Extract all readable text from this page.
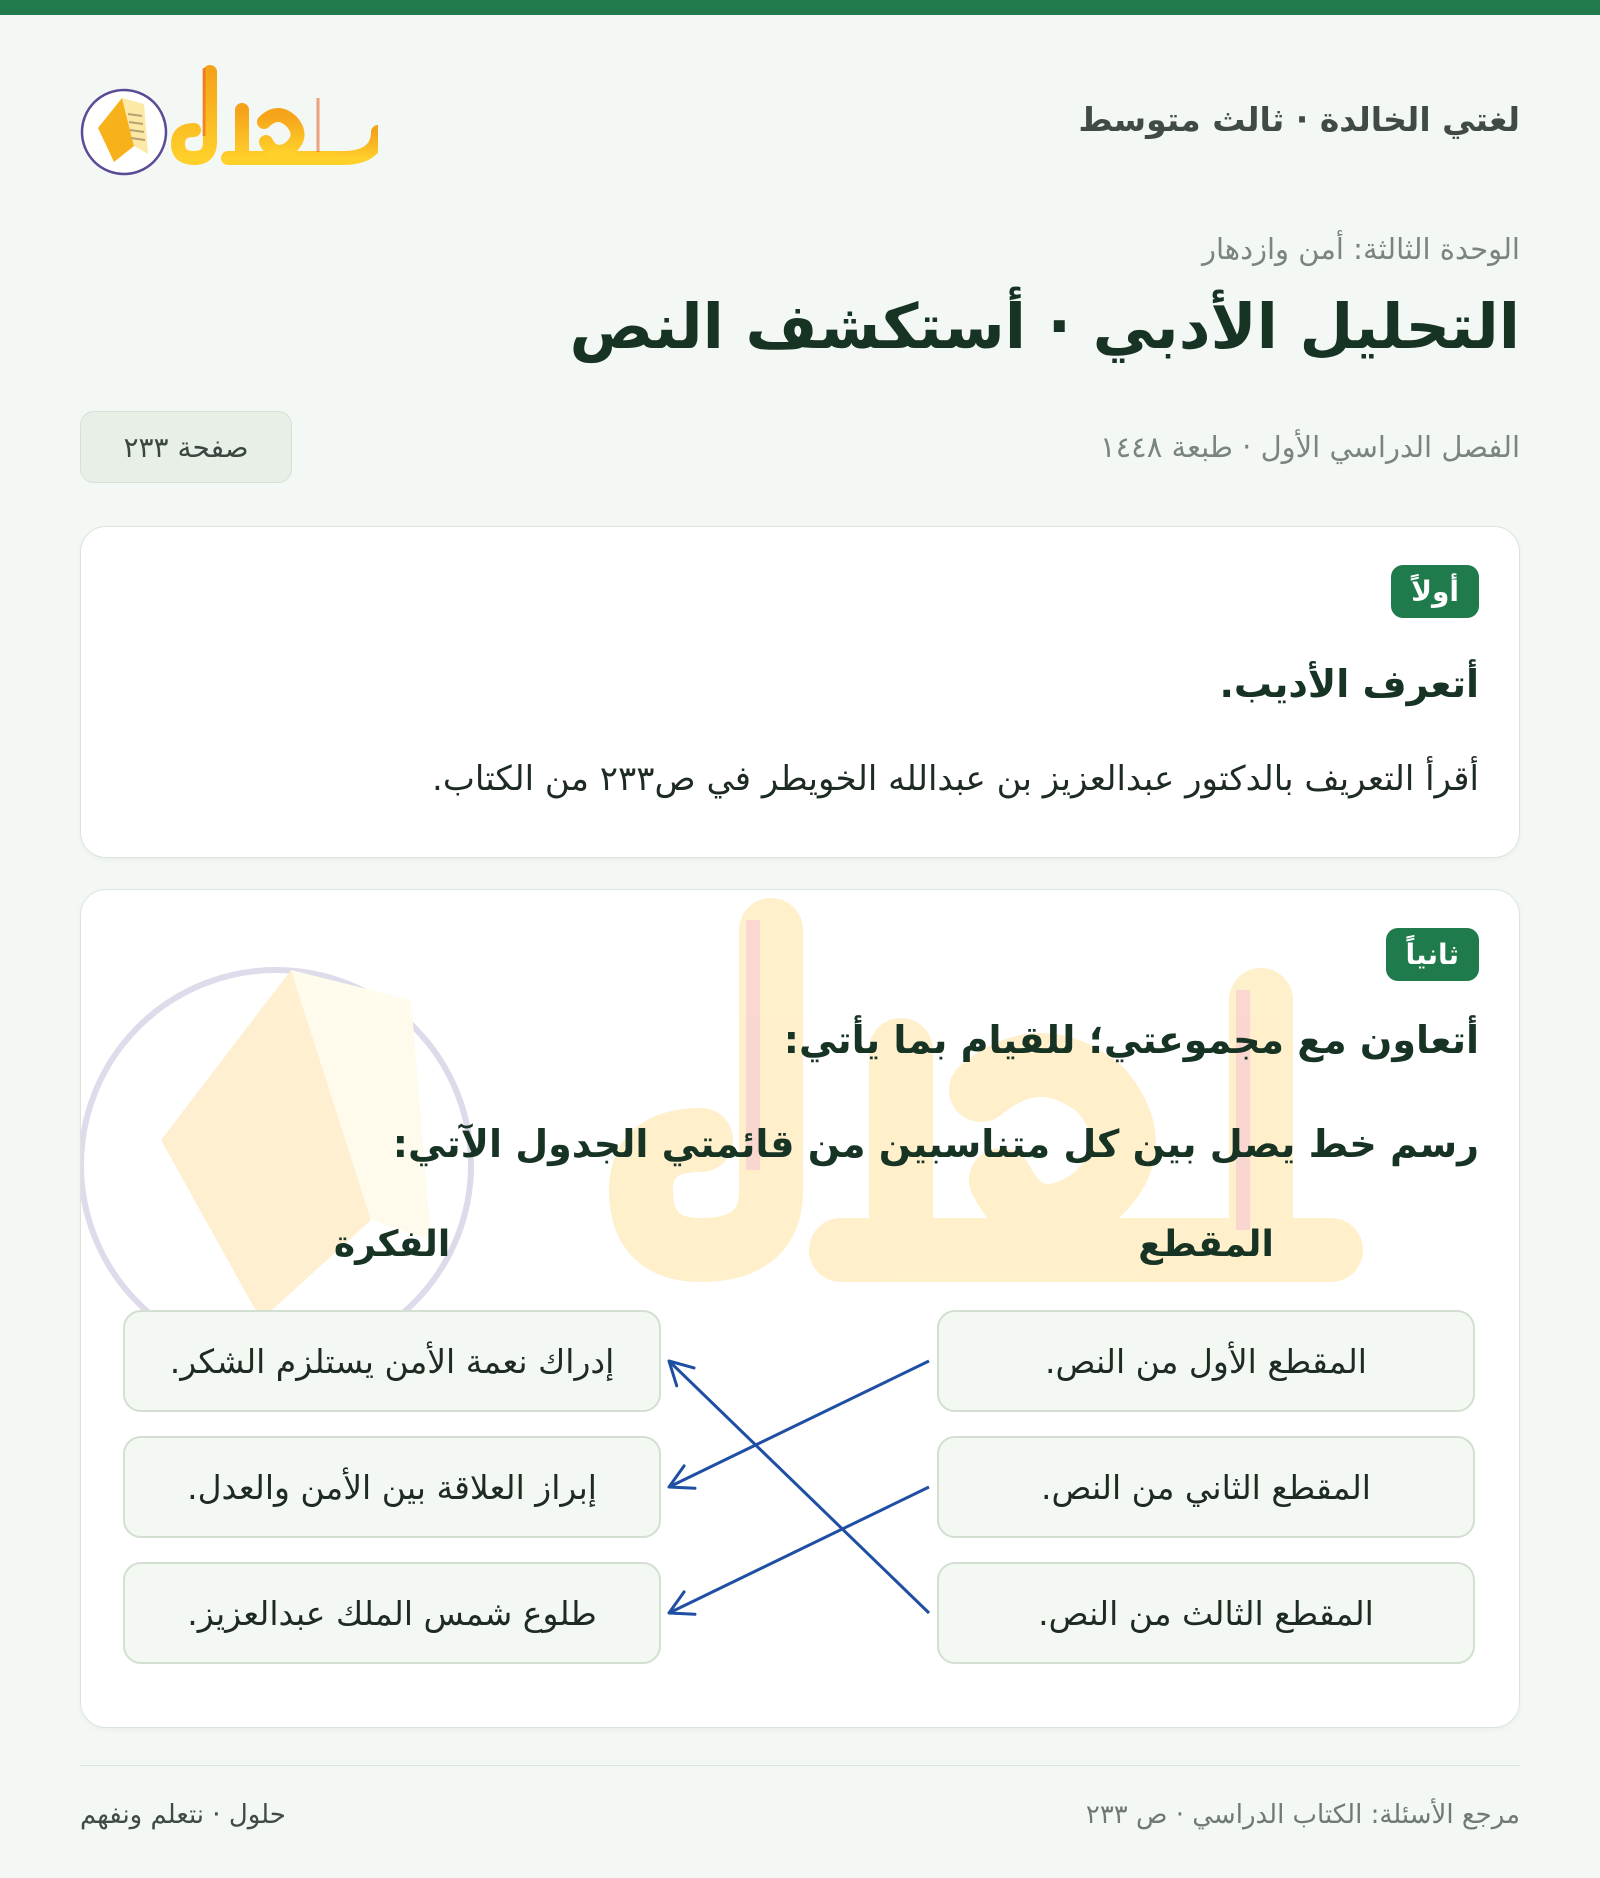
لغتي الخالدة · ثالث متوسط
الوحدة الثالثة: أمن وازدهار
التحليل الأدبي · أستكشف النص
الفصل الدراسي الأول · طبعة ١٤٤٨
صفحة ٢٣٣
أولاً
أتعرف الأديب.
أقرأ التعريف بالدكتور عبدالعزيز بن عبدالله الخويطر في ص٢٣٣ من الكتاب.
ثانياً
أتعاون مع مجموعتي؛ للقيام بما يأتي:
رسم خط يصل بين كل متناسبين من قائمتي الجدول الآتي:
المقطع
الفكرة
المقطع الأول من النص.
المقطع الثاني من النص.
المقطع الثالث من النص.
إدراك نعمة الأمن يستلزم الشكر.
إبراز العلاقة بين الأمن والعدل.
طلوع شمس الملك عبدالعزيز.
مرجع الأسئلة: الكتاب الدراسي · ص ٢٣٣
حلول · نتعلم ونفهم
